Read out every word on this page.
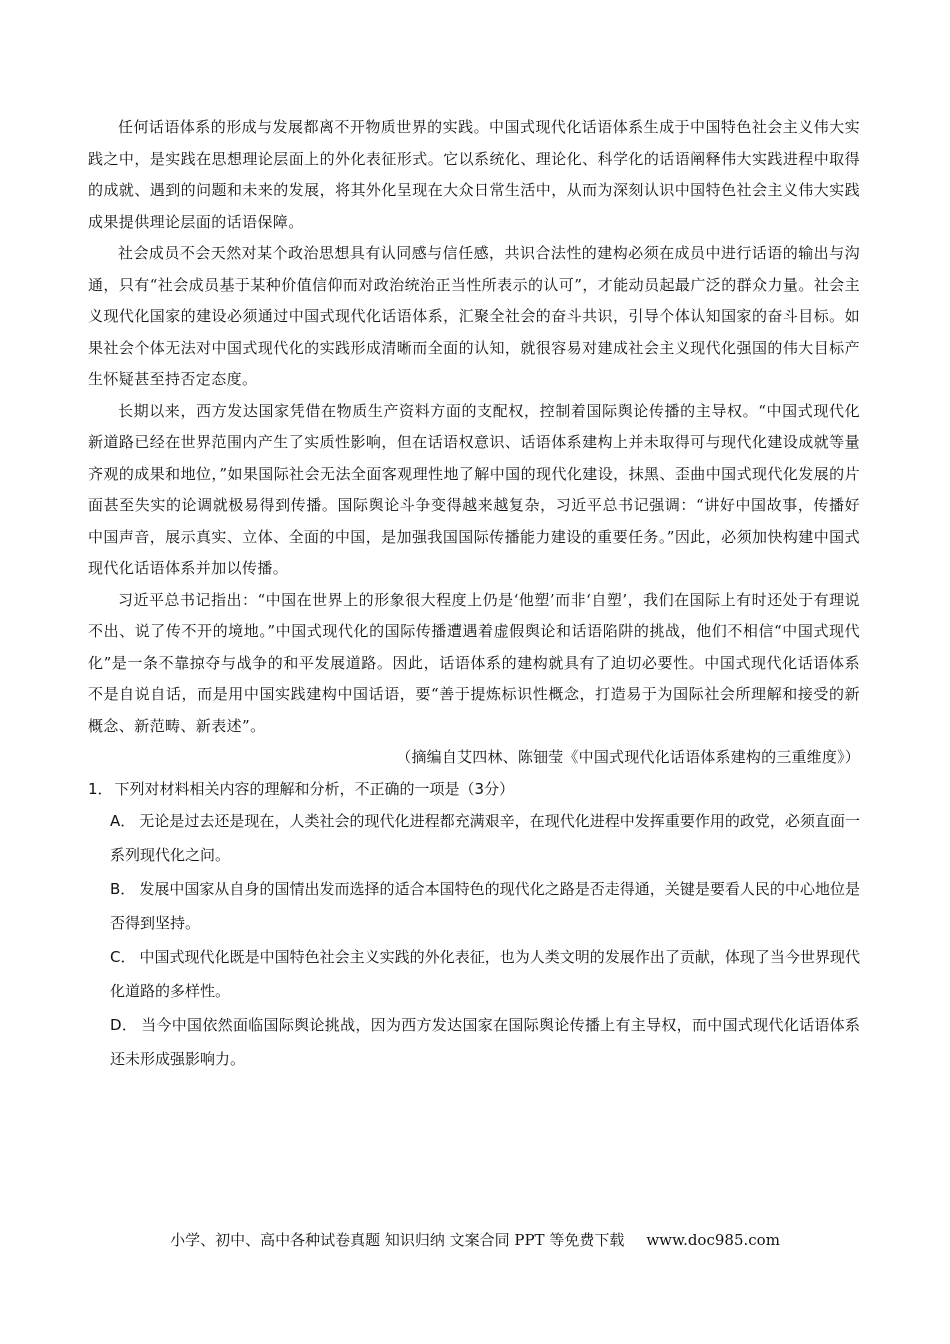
任何话语体系的形成与发展都离不开物质世界的实践。中国式现代化话语体系生成于中国特色社会主义伟大实践之中，是实践在思想理论层面上的外化表征形式。它以系统化、理论化、科学化的话语阐释伟大实践进程中取得的成就、遇到的问题和未来的发展，将其外化呈现在大众日常生活中，从而为深刻认识中国特色社会主义伟大实践成果提供理论层面的话语保障。

社会成员不会天然对某个政治思想具有认同感与信任感，共识合法性的建构必须在成员中进行话语的输出与沟通，只有“社会成员基于某种价值信仰而对政治统治正当性所表示的认可”，才能动员起最广泛的群众力量。社会主义现代化国家的建设必须通过中国式现代化话语体系，汇聚全社会的奋斗共识，引导个体认知国家的奋斗目标。如果社会个体无法对中国式现代化的实践形成清晰而全面的认知，就很容易对建成社会主义现代化强国的伟大目标产生怀疑甚至持否定态度。

长期以来，西方发达国家凭借在物质生产资料方面的支配权，控制着国际舆论传播的主导权。“中国式现代化新道路已经在世界范围内产生了实质性影响，但在话语权意识、话语体系建构上并未取得可与现代化建设成就等量齐观的成果和地位，”如果国际社会无法全面客观理性地了解中国的现代化建设，抹黑、歪曲中国式现代化发展的片面甚至失实的论调就极易得到传播。国际舆论斗争变得越来越复杂，习近平总书记强调：“讲好中国故事，传播好中国声音，展示真实、立体、全面的中国，是加强我国国际传播能力建设的重要任务。”因此，必须加快构建中国式现代化话语体系并加以传播。

习近平总书记指出：“中国在世界上的形象很大程度上仍是‘他塑’而非‘自塑’，我们在国际上有时还处于有理说不出、说了传不开的境地。”中国式现代化的国际传播遭遇着虚假舆论和话语陷阱的挑战，他们不相信“中国式现代化”是一条不靠掠夺与战争的和平发展道路。因此，话语体系的建构就具有了迫切必要性。中国式现代化话语体系不是自说自话，而是用中国实践建构中国话语，要“善于提炼标识性概念，打造易于为国际社会所理解和接受的新概念、新范畴、新表述”。

（摘编自艾四林、陈钿莹《中国式现代化话语体系建构的三重维度》）

1． 下列对材料相关内容的理解和分析，不正确的一项是（3分）

A． 无论是过去还是现在，人类社会的现代化进程都充满艰辛，在现代化进程中发挥重要作用的政党，必须直面一系列现代化之问。

B． 发展中国家从自身的国情出发而选择的适合本国特色的现代化之路是否走得通，关键是要看人民的中心地位是否得到坚持。

C． 中国式现代化既是中国特色社会主义实践的外化表征，也为人类文明的发展作出了贡献，体现了当今世界现代化道路的多样性。

D． 当今中国依然面临国际舆论挑战，因为西方发达国家在国际舆论传播上有主导权，而中国式现代化话语体系还未形成强影响力。

小学、初中、高中各种试卷真题 知识归纳 文案合同 PPT 等免费下载 www.doc985.com
